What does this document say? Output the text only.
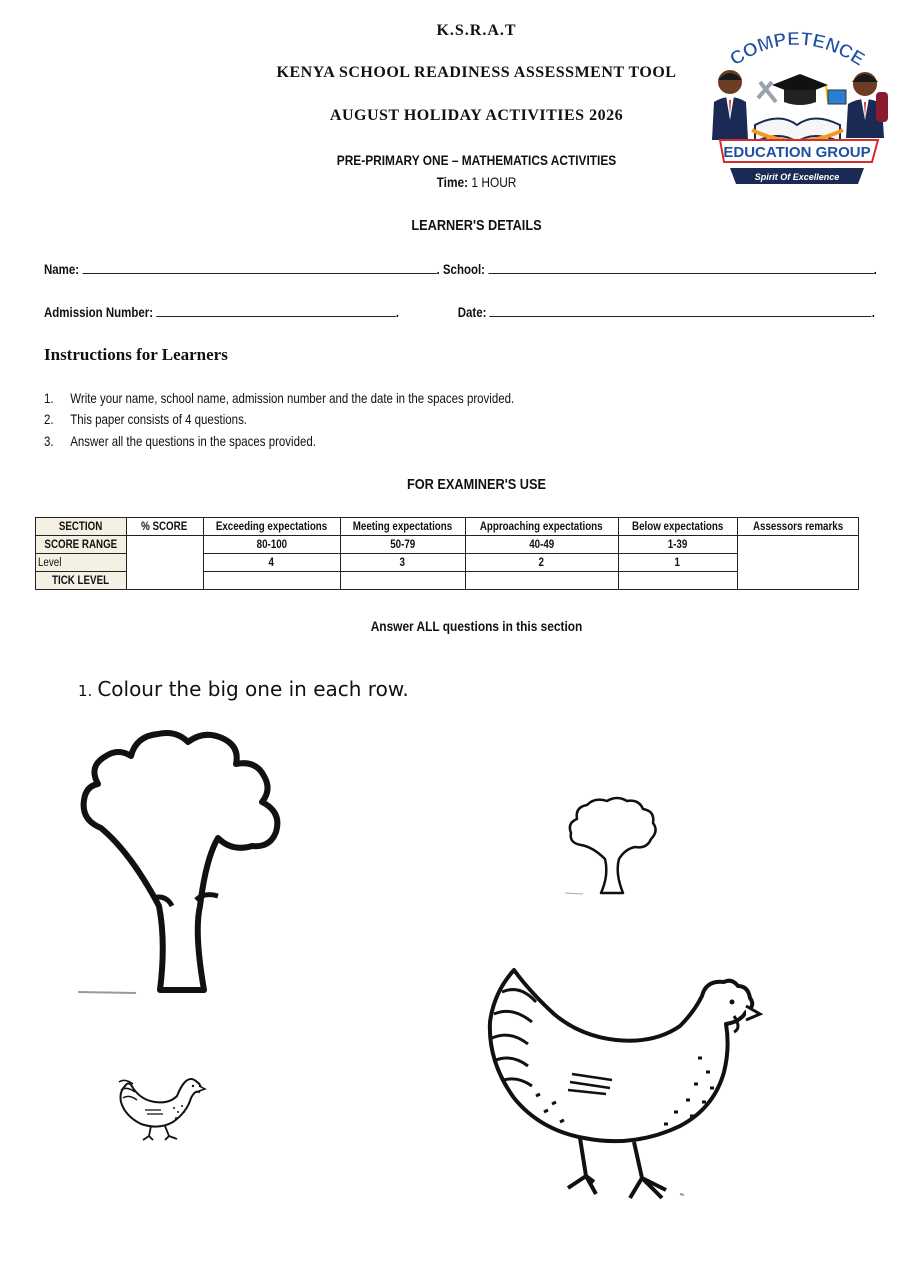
K.S.R.A.T
KENYA SCHOOL READINESS ASSESSMENT TOOL
AUGUST HOLIDAY ACTIVITIES 2026
PRE-PRIMARY ONE – MATHEMATICS ACTIVITIES
Time: 1 HOUR
COMPETENCE
EDUCATION GROUP
Spirit Of Excellence
LEARNER'S DETAILS
Name:	. School:	.
Admission Number:	.	Date:	.
Instructions for Learners
1. Write your name, school name, admission number and the date in the spaces provided.
2. This paper consists of 4 questions.
3. Answer all the questions in the spaces provided.
FOR EXAMINER'S USE
SECTION	% SCORE	Exceeding expectations	Meeting expectations	Approaching expectations	Below expectations	Assessors remarks
SCORE RANGE		80-100	50-79	40-49	1-39	
Level		4	3	2	1	
TICK LEVEL						
Answer ALL questions in this section
1. Colour the big one in each row.
